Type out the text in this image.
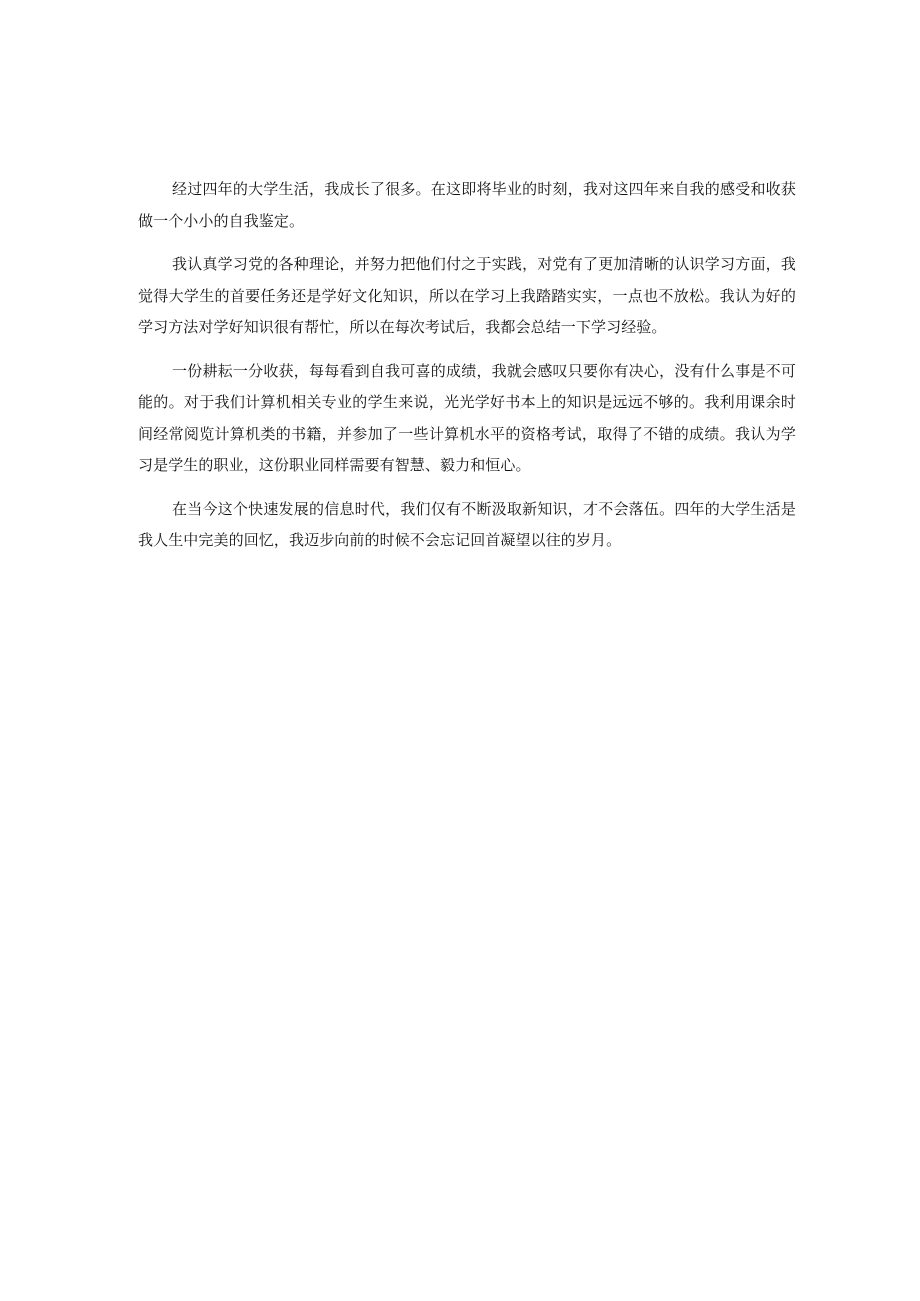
经过四年的大学生活，我成长了很多。在这即将毕业的时刻，我对这四年来自我的感受和收获做一个小小的自我鉴定。

我认真学习党的各种理论，并努力把他们付之于实践，对党有了更加清晰的认识学习方面，我觉得大学生的首要任务还是学好文化知识，所以在学习上我踏踏实实，一点也不放松。我认为好的学习方法对学好知识很有帮忙，所以在每次考试后，我都会总结一下学习经验。

一份耕耘一分收获，每每看到自我可喜的成绩，我就会感叹只要你有决心，没有什么事是不可能的。对于我们计算机相关专业的学生来说，光光学好书本上的知识是远远不够的。我利用课余时间经常阅览计算机类的书籍，并参加了一些计算机水平的资格考试，取得了不错的成绩。我认为学习是学生的职业，这份职业同样需要有智慧、毅力和恒心。

在当今这个快速发展的信息时代，我们仅有不断汲取新知识，才不会落伍。四年的大学生活是我人生中完美的回忆，我迈步向前的时候不会忘记回首凝望以往的岁月。
